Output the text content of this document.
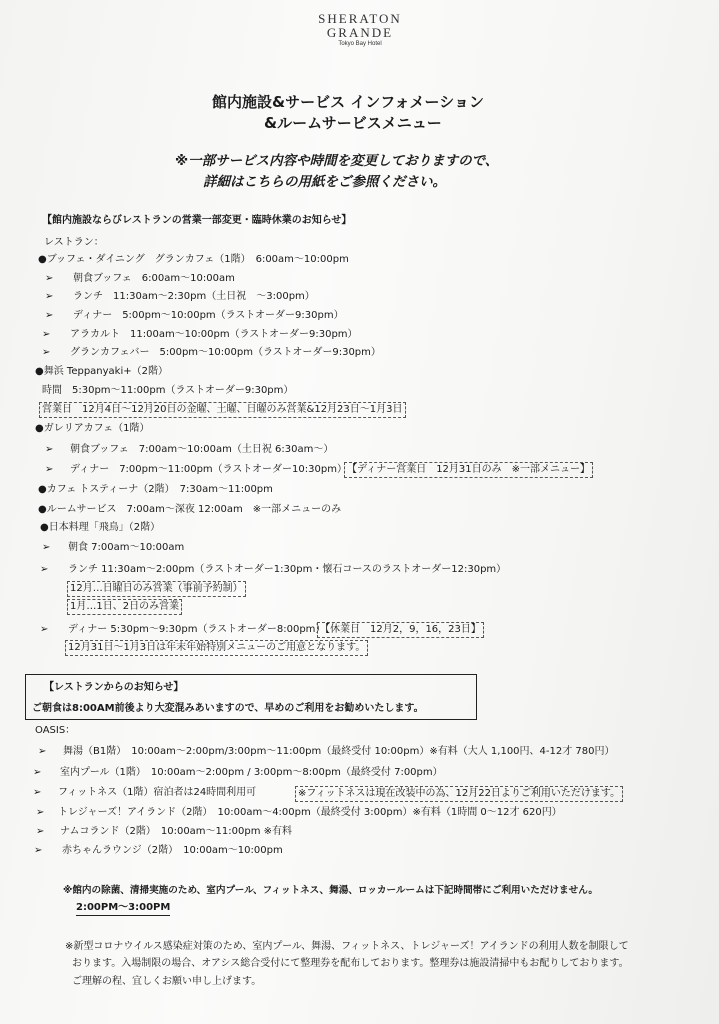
SHERATON
GRANDE
Tokyo Bay Hotel
館内施設&サービス インフォメーション
&ルームサービスメニュー
※一部サービス内容や時間を変更しておりますので、
詳細はこちらの用紙をご参照ください。
【館内施設ならびレストランの営業一部変更・臨時休業のお知らせ】
レストラン：
●ブッフェ・ダイニング　グランカフェ（1階）　6:00am～10:00pm
➢ 朝食ブッフェ　6:00am～10:00am
➢ ランチ　11:30am～2:30pm（土日祝　～3:00pm）
➢ ディナー　5:00pm～10:00pm（ラストオーダー9:30pm）
➢ アラカルト　11:00am～10:00pm（ラストオーダー9:30pm）
➢ グランカフェバー　5:00pm～10:00pm（ラストオーダー9:30pm）
●舞浜 Teppanyaki+（2階）
時間　5:30pm～11:00pm（ラストオーダー9:30pm）
営業日　12月4日～12月20日の金曜、土曜、日曜のみ営業&12月23日～1月3日
●ガレリアカフェ（1階）
➢ 朝食ブッフェ　7:00am～10:00am（土日祝 6:30am～）
➢ ディナー　7:00pm～11:00pm（ラストオーダー10:30pm） 【ディナー営業日　12月31日のみ　※一部メニュー】
●カフェ トスティーナ（2階）　7:30am～11:00pm
●ルームサービス　7:00am～深夜 12:00am　※一部メニューのみ
●日本料理「飛鳥」（2階）
➢ 朝食 7:00am～10:00am
➢ ランチ 11:30am～2:00pm（ラストオーダー1:30pm・懐石コースのラストオーダー12:30pm）
12月…日曜日のみ営業（事前予約制）
1月…1日、2日のみ営業
➢ ディナー 5:30pm～9:30pm（ラストオーダー8:00pm）
【休業日　12月2，9，16，23日】
12月31日～1月3日は年末年始特別メニューのご用意となります。
【レストランからのお知らせ】
ご朝食は8:00AM前後より大変混みあいますので、早めのご利用をお勧めいたします。
OASIS：
➢ 舞湯（B1階）　10:00am～2:00pm/3:00pm～11:00pm（最終受付 10:00pm）※有料（大人 1,100円、4-12才 780円）
➢ 室内プール（1階）　10:00am～2:00pm / 3:00pm～8:00pm（最終受付 7:00pm）
➢ フィットネス（1階）宿泊者は24時間利用可	※フィットネスは現在改装中の為、12月22日よりご利用いただけます。
➢ トレジャーズ！アイランド（2階）　10:00am～4:00pm（最終受付 3:00pm）※有料（1時間 0～12才 620円）
➢ ナムコランド（2階）　10:00am～11:00pm ※有料
➢ 赤ちゃんラウンジ（2階）　10:00am～10:00pm
※館内の除菌、清掃実施のため、室内プール、フィットネス、舞湯、ロッカールームは下記時間帯にご利用いただけません。
2:00PM～3:00PM
※新型コロナウイルス感染症対策のため、室内プール、舞湯、フィットネス、トレジャーズ！アイランドの利用人数を制限して
おります。入場制限の場合、オアシス総合受付にて整理券を配布しております。整理券は施設清掃中もお配りしております。
ご理解の程、宜しくお願い申し上げます。
